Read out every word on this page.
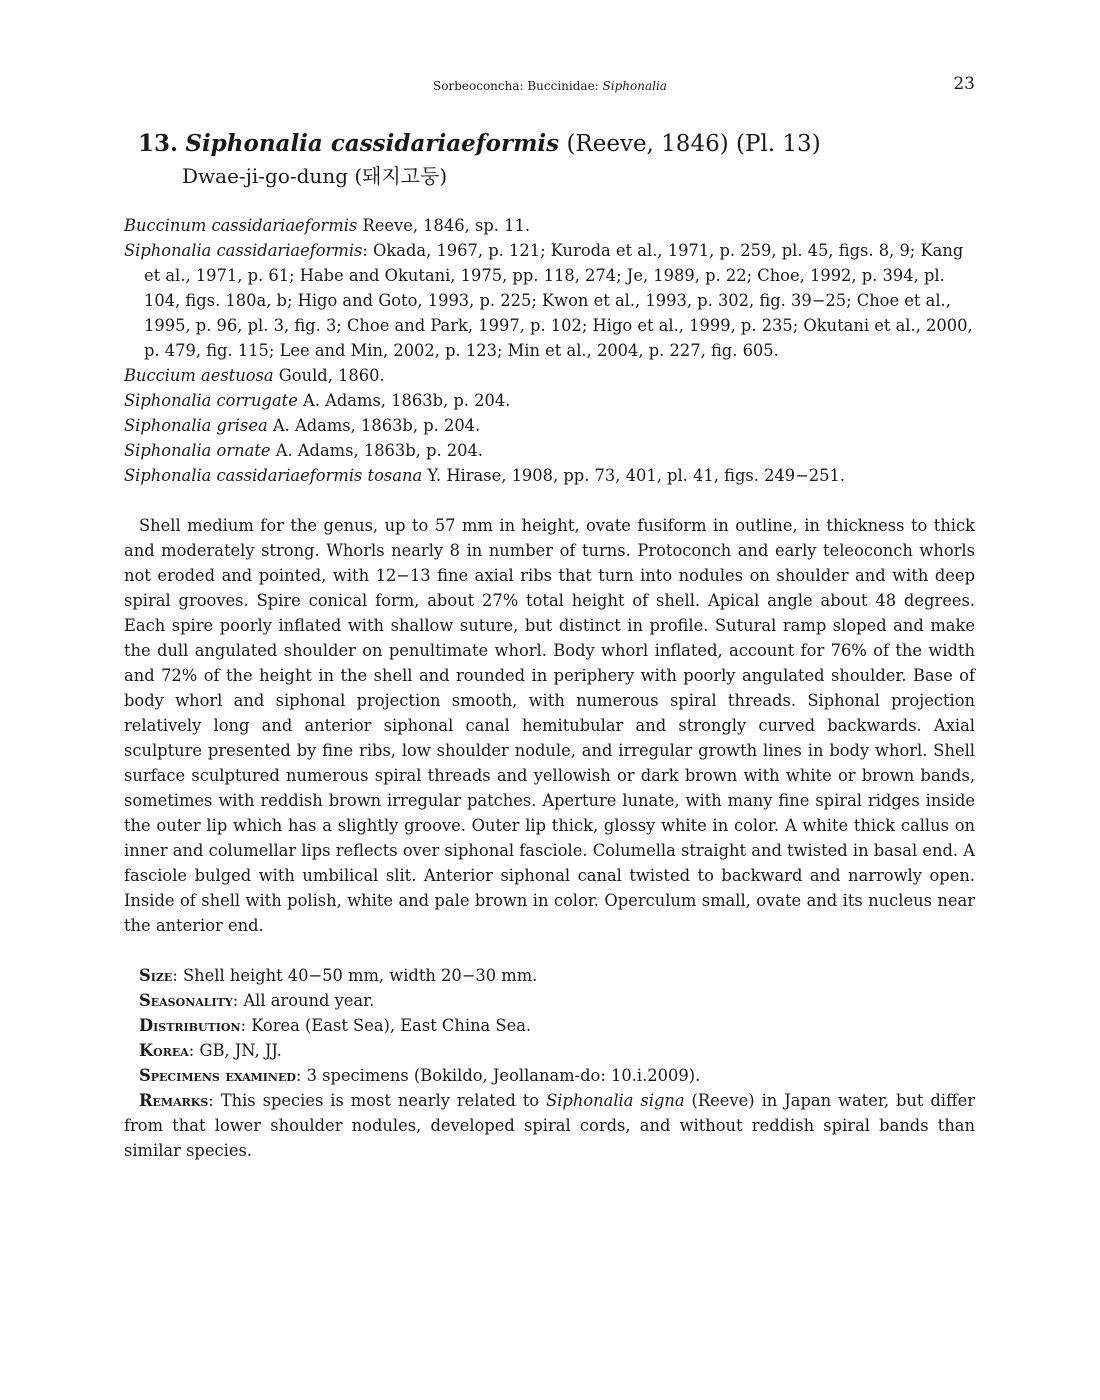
Sorbeoconcha: Buccinidae: Siphonalia	23
13. Siphonalia cassidariaeformis (Reeve, 1846) (Pl. 13)
Dwae-ji-go-dung (돼지고둥)
Buccinum cassidariaeformis Reeve, 1846, sp. 11.
Siphonalia cassidariaeformis: Okada, 1967, p. 121; Kuroda et al., 1971, p. 259, pl. 45, figs. 8, 9; Kang et al., 1971, p. 61; Habe and Okutani, 1975, pp. 118, 274; Je, 1989, p. 22; Choe, 1992, p. 394, pl. 104, figs. 180a, b; Higo and Goto, 1993, p. 225; Kwon et al., 1993, p. 302, fig. 39−25; Choe et al., 1995, p. 96, pl. 3, fig. 3; Choe and Park, 1997, p. 102; Higo et al., 1999, p. 235; Okutani et al., 2000, p. 479, fig. 115; Lee and Min, 2002, p. 123; Min et al., 2004, p. 227, fig. 605.
Buccium aestuosa Gould, 1860.
Siphonalia corrugate A. Adams, 1863b, p. 204.
Siphonalia grisea A. Adams, 1863b, p. 204.
Siphonalia ornate A. Adams, 1863b, p. 204.
Siphonalia cassidariaeformis tosana Y. Hirase, 1908, pp. 73, 401, pl. 41, figs. 249−251.

Shell medium for the genus, up to 57 mm in height, ovate fusiform in outline, in thickness to thick and moderately strong. Whorls nearly 8 in number of turns. Protoconch and early teleoconch whorls not eroded and pointed, with 12−13 fine axial ribs that turn into nodules on shoulder and with deep spiral grooves. Spire conical form, about 27% total height of shell. Apical angle about 48 degrees. Each spire poorly inflated with shallow suture, but distinct in profile. Sutural ramp sloped and make the dull angulated shoulder on penultimate whorl. Body whorl inflated, account for 76% of the width and 72% of the height in the shell and rounded in periphery with poorly angulated shoulder. Base of body whorl and siphonal projection smooth, with numerous spiral threads. Siphonal projection relatively long and anterior siphonal canal hemitubular and strongly curved backwards. Axial sculpture presented by fine ribs, low shoulder nodule, and irregular growth lines in body whorl. Shell surface sculptured numerous spiral threads and yellowish or dark brown with white or brown bands, sometimes with reddish brown irregular patches. Aperture lunate, with many fine spiral ridges inside the outer lip which has a slightly groove. Outer lip thick, glossy white in color. A white thick callus on inner and columellar lips reflects over siphonal fasciole. Columella straight and twisted in basal end. A fasciole bulged with umbilical slit. Anterior siphonal canal twisted to backward and narrowly open. Inside of shell with polish, white and pale brown in color. Operculum small, ovate and its nucleus near the anterior end.

Size: Shell height 40−50 mm, width 20−30 mm.
Seasonality: All around year.
Distribution: Korea (East Sea), East China Sea.
Korea: GB, JN, JJ.
Specimens examined: 3 specimens (Bokildo, Jeollanam-do: 10.i.2009).
Remarks: This species is most nearly related to Siphonalia signa (Reeve) in Japan water, but differ from that lower shoulder nodules, developed spiral cords, and without reddish spiral bands than similar species.
